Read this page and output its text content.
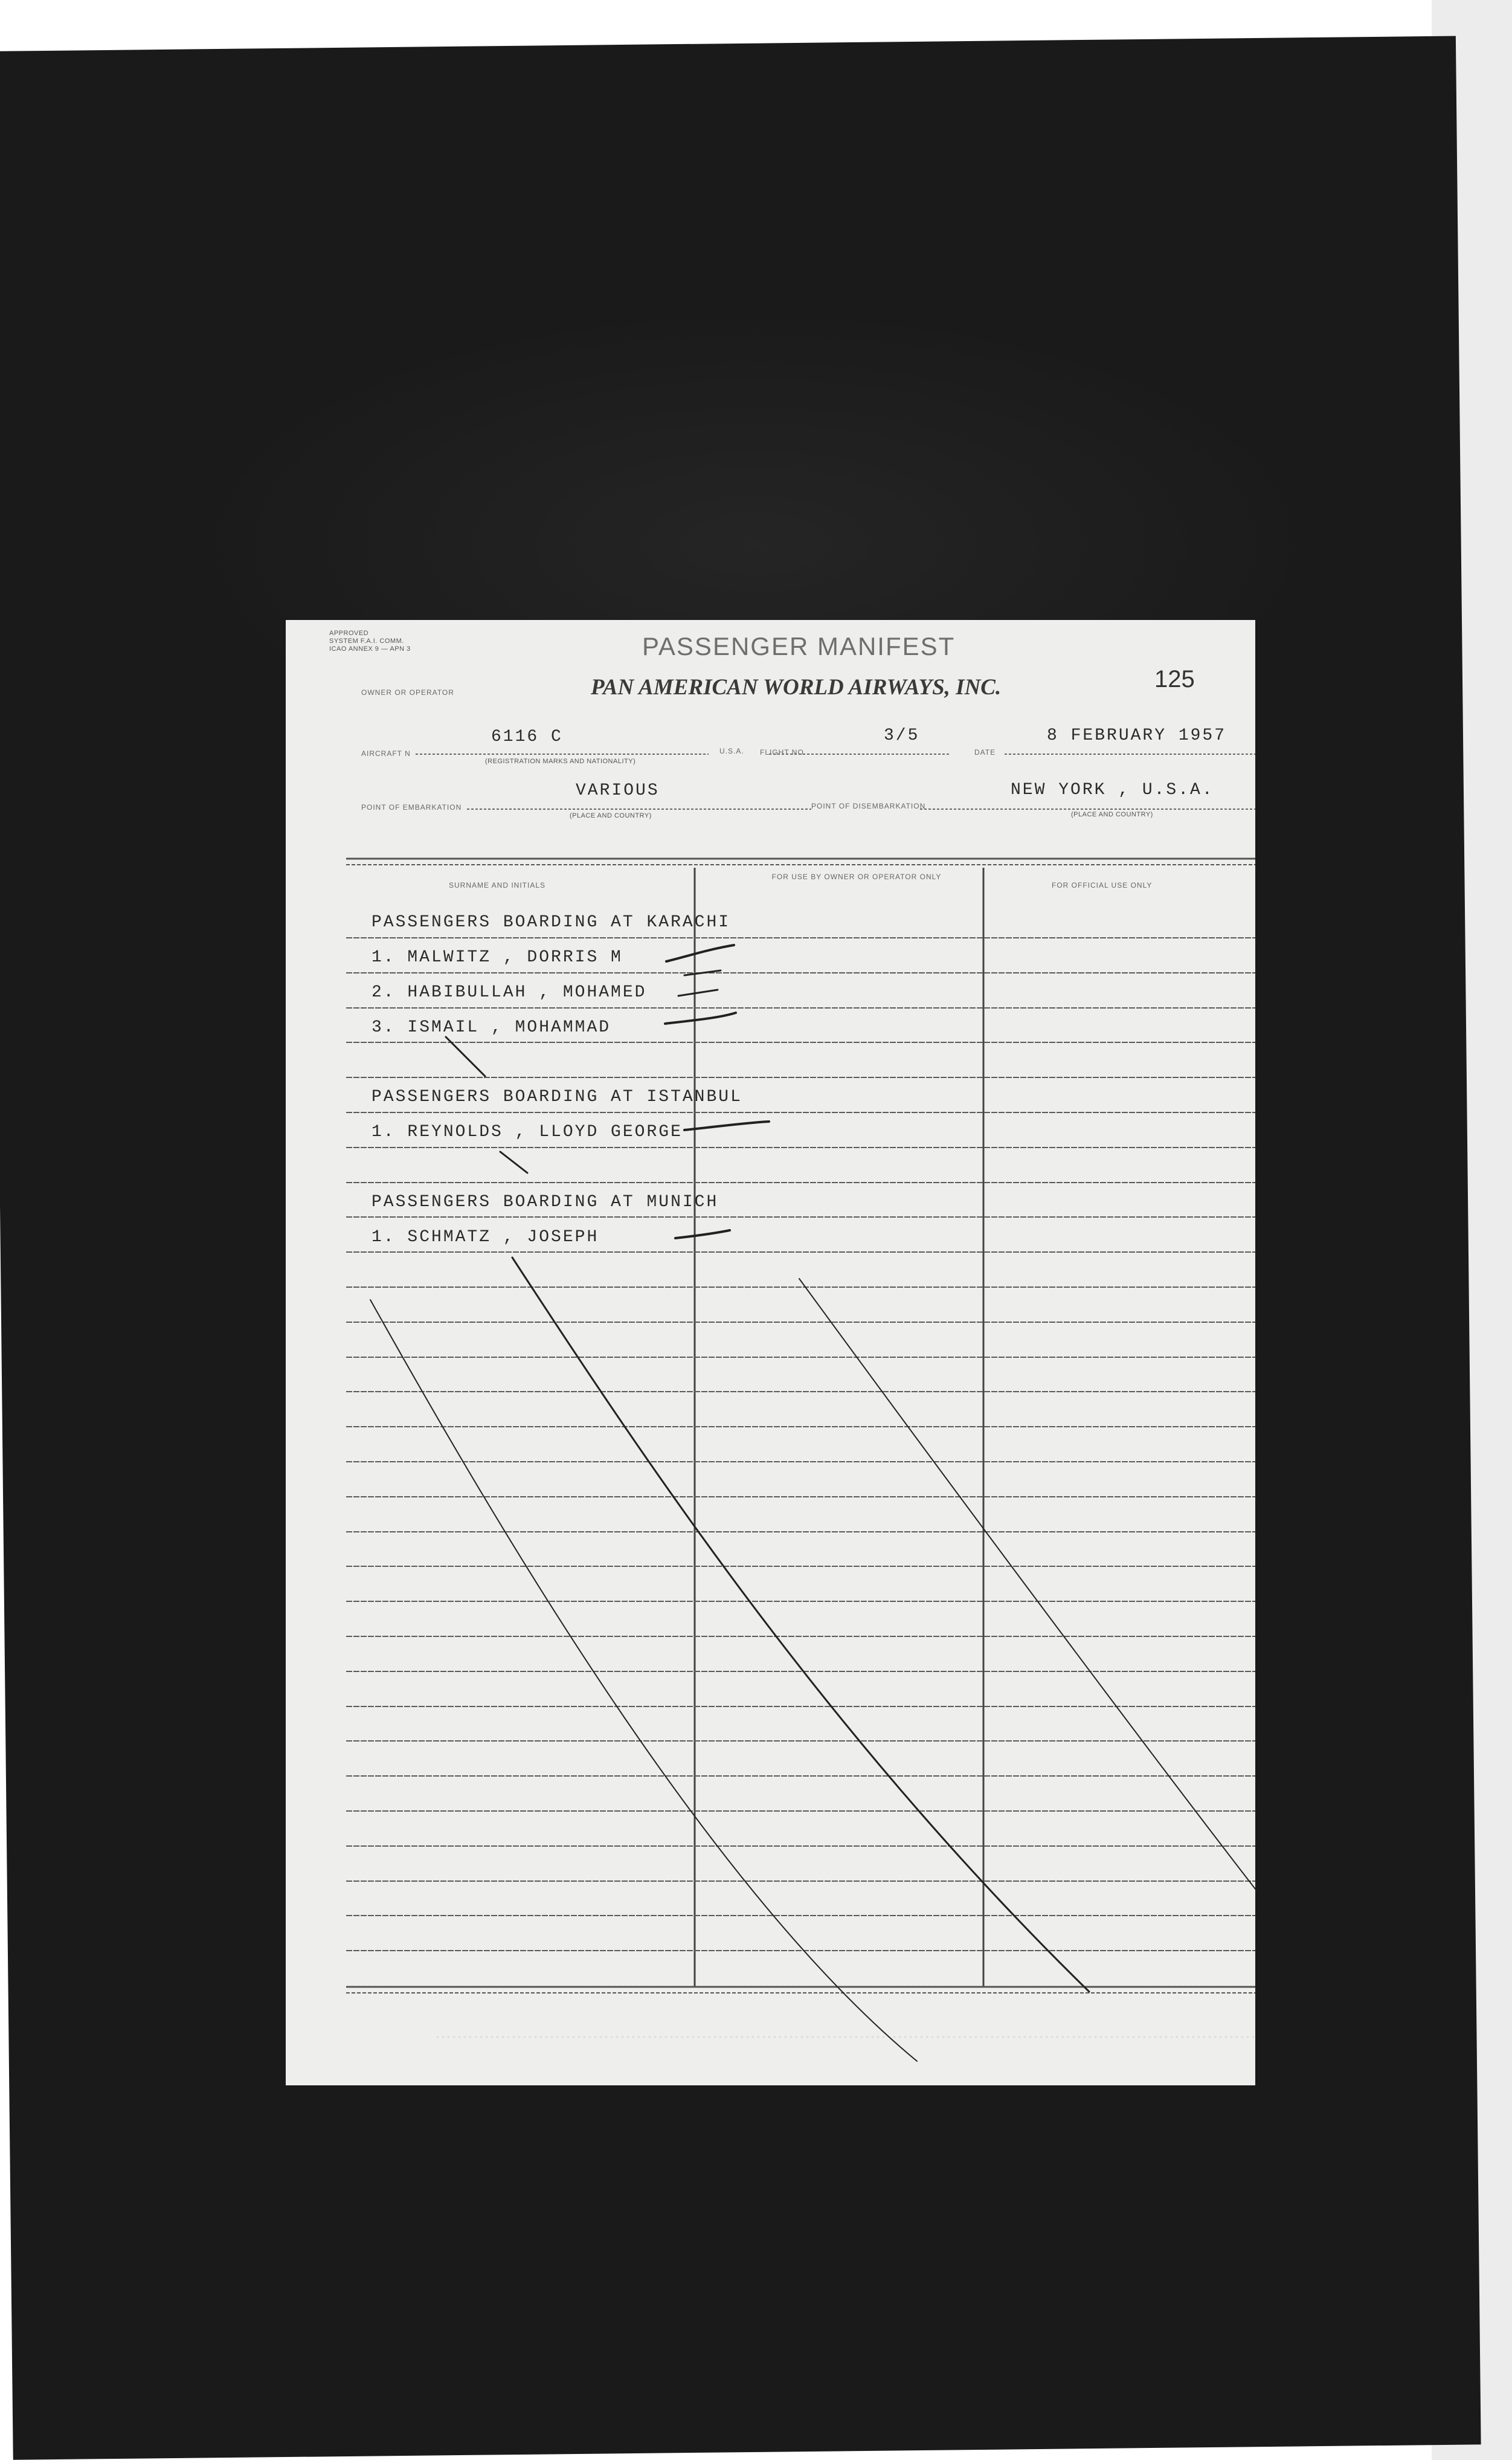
APPROVED
SYSTEM F.A.I. COMM.
ICAO ANNEX 9 — APN 3	PASSENGER MANIFEST
OWNER OR OPERATOR	PAN AMERICAN WORLD AIRWAYS, INC.	125
AIRCRAFT N
6116 C
(REGISTRATION MARKS AND NATIONALITY)
U.S.A. FLIGHT NO.
3/5
DATE
8 FEBRUARY 1957
POINT OF EMBARKATION
VARIOUS
(PLACE AND COUNTRY)
POINT OF DISEMBARKATION
NEW YORK , U.S.A.
(PLACE AND COUNTRY)
SURNAME AND INITIALS
FOR USE BY OWNER OR OPERATOR ONLY
FOR OFFICIAL USE ONLY
PASSENGERS BOARDING AT KARACHI
1. MALWITZ , DORRIS M
2. HABIBULLAH , MOHAMED
3. ISMAIL , MOHAMMAD
PASSENGERS BOARDING AT ISTANBUL
1. REYNOLDS , LLOYD GEORGE
PASSENGERS BOARDING AT MUNICH
1. SCHMATZ , JOSEPH
